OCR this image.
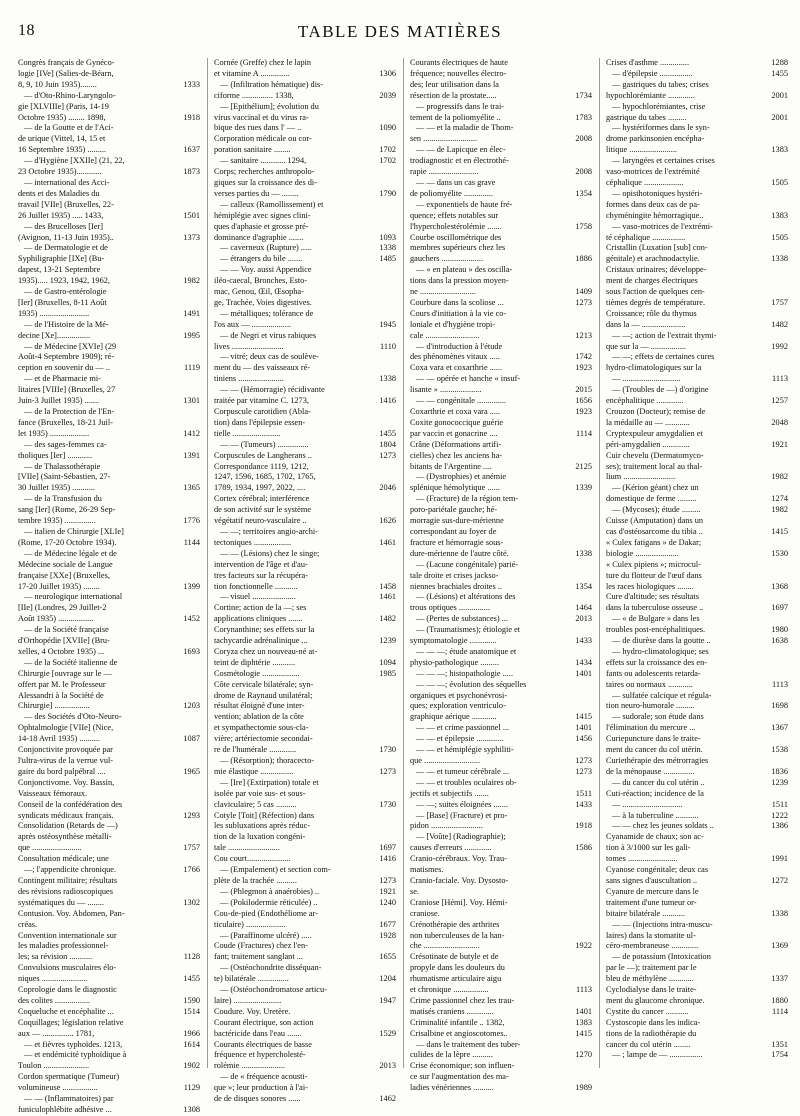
18	TABLE DES MATIÈRES
Congrès français de Gynéco-
logie [IVe] (Salies-de-Béarn,
8, 9, 10 Juin 1935)........	1333
— d'Oto-Rhino-Laryngolo-
gie [XLVIIIe] (Paris, 14-19
Octobre 1935) ........ 1898,	1918
— de la Goutte et de l'Aci-
de urique (Vittel, 14, 15 et
16 Septembre 1935) .........	1637
— d'Hygiène [XXIIe] (21, 22,
23 Octobre 1935)............	1873
— international des Acci-
dents et des Maladies du
travail [VIIe] (Bruxelles, 22-
26 Juillet 1935) ..... 1433,	1501
— des Brucelloses [Ier]
(Avignon, 11-13 Juin 1935)..	1373
— de Dermatologie et de
Syphiligraphie [IXe] (Bu-
dapest, 13-21 Septembre
1935)..... 1923, 1942, 1962,	1982
— de Gastro-entérologie
[Ier] (Bruxelles, 8-11 Août
1935) ........................	1491
— de l'Histoire de la Mé-
decine [Xe]................	1995
— de Médecine [XVIe] (29
Août-4 Septembre 1909); ré-
ception en souvenir du — ..	1119
— et de Pharmacie mi-
litaires [VIIIe] (Bruxelles, 27
Juin-3 Juillet 1935) .......	1301
— de la Protection de l'En-
fance (Bruxelles, 18-21 Juil-
let 1935) ...................	1412
— des sages-femmes ca-
tholiques [Ier] ............	1391
— de Thalassothérapie
[VIIe] (Saint-Sébastien, 27-
30 Juillet 1935) ...........	1365
— de la Transfusion du
sang [Ier] (Rome, 26-29 Sep-
tembre 1935) ...............	1776
— italien de Chirurgie [XLIe]
(Rome, 17-20 Octobre 1934).	1144
— de Médecine légale et de
Médecine sociale de Langue
française [XXe] (Bruxelles,
17-20 Juillet 1935) ........	1399
— neurologique international
[IIe] (Londres, 29 Juillet-2
Août 1935) .................	1452
— de la Société française
d'Orthopédie [XVIIe] (Bru-
xelles, 4 Octobre 1935) ...	1693
— de la Société italienne de
Chirurgie [ouvrage sur le —
offert par M. le Professeur
Alessandri à la Société de
Chirurgie] .................	1203
— des Sociétés d'Oto-Neuro-
Ophtalmologie [VIIe] (Nice,
14-18 Avril 1935) ..........	1087
Conjonctivite provoquée par
l'ultra-virus de la verrue vul-
gaire du bord palpébral ....	1965
Conjonctivome. Voy. Bassin,
Vaisseaux fémoraux.
Conseil de la confédération des
syndicats médicaux français.	1293
Consolidation (Retards de —)
après ostéosynthèse métalli-
que ........................	1757
Consultation médicale; une
—; l'appendicite chronique.	1766
Contingent militaire; résultats
des révisions radioscopiques
systématiques du — ........	1302
Contusion. Voy. Abdomen, Pan-
créas.
Convention internationale sur
les maladies professionnel-
les; sa révision ...........	1128
Convulsions musculaires élo-
niques ......................	1455
Coprologie dans le diagnostic
des colites .................	1590
Coqueluche et encéphalite ...	1514
Coquillages; législation relative
aux — ............... 1781,	1966
— et fièvres typhoïdes. 1213,	1614
— et endémicité typhoïdique à
Toulon ......................	1902
Cordon spermatique (Tumeur)
volumineuse .................	1129
— — (Inflammatoires) par
funiculophlébite adhésive ...	1308
Cornée (Greffe) chez le lapin
et vitamine A ..............	1306
— (Infiltration hématique) dis-
ciforme ............... 1338,	2039
— [Epithélium]; évolution du
virus vaccinal et du virus ra-
bique des rues dans l' — ..	1090
Corporation médicale ou cor-
poration sanitaire ........	1702
— sanitaire ............ 1294,	1702
Corps; recherches anthropolo-
giques sur la croissance des di-
verses parties du — ........	1790
— calleux (Ramollissement) et
hémiplégie avec signes clini-
ques d'aphasie et grosse pré-
dominance d'agraphie .......	1093
— caverneux (Rupture) .....	1338
— étrangers du bile .......	1485
— — Voy. aussi Appendice
iléo-caecal, Bronches, Esto-
mac, Genou, Œil, Œsopha-
ge, Trachée, Voies digestives.
— métalliques; tolérance de
l'os aux — ...................	1945
— de Negri et virus rabiques
lives .........................	1110
— vitré; deux cas de soulève-
ment du — des vaisseaux ré-
tiniens ......................	1338
— — (Hémorragie) récidivante
traitée par vitamine C. 1273,	1416
Corpuscule carotidien (Abla-
tion) dans l'épilepsie essen-
tielle .......................	1455
— — (Tumeurs) ...............	1804
Corpuscules de Langherans ..	1273
Correspondance 1119, 1212,
1247, 1596, 1685, 1702, 1765,
1789, 1934, 1997, 2022, ....	2046
Cortex cérébral; interférence
de son activité sur le système
végétatif neuro-vasculaire ..	1626
— —; territoires angio-archi-
tectoniques ..................	1461
— — (Lésions) chez le singe;
intervention de l'âge et d'au-
tres facteurs sur la récupéra-
tion fonctionnelle ...........	1458
— visuel .....................	1461
Cortine; action de la —; ses
applications cliniques .......	1482
Corynanthine; ses effets sur la
tachycardie adrénalinique ...	1239
Coryza chez un nouveau-né at-
teint de diphtérie ...........	1094
Cosmétologie ..................	1985
Côte cervicale bilatérale; syn-
drome de Raynaud unilatéral;
résultat éloigné d'une inter-
vention; ablation de la côte
et sympathectomie sous-cla-
vière; artériectomie secondai-
re de l'humérale .............	1730
— (Résorption); thoracecto-
mie élastique ................	1273
— [Ire] (Extirpation) totale et
isolée par voie sus- et sous-
claviculaire; 5 cas ..........	1730
Cotyle [Toit] (Réfection) dans
les subluxations après réduc-
tion de la luxation congéni-
tale .........................	1697
Cou court.....................	1416
— (Empalement) et section com-
plète de la trachée ..........	1273
— (Phlegmon à anaérobies) ..	1921
— (Pokilodermie réticulée) ..	1240
Cou-de-pied (Endothéliome ar-
ticulaire) ...................	1677
— (Paraffinome ulcéré) .....	1928
Coude (Fractures) chez l'en-
fant; traitement sanglant ...	1655
— (Ostéochondrite disséquan-
te) bilatérale ...............	1204
— (Ostéochondromatose articu-
laire) .......................	1947
Coudure. Voy. Uretère.
Courant électrique, son action
bactéricide dans l'eau .......	1529
Courants électriques de basse
fréquence et hypercholesté-
rolémie .....................	2013
— de « fréquence acousti-
que »; leur production à l'ai-
de de disques sonores ......	1462
Courants électriques de haute
fréquence; nouvelles électro-
des; leur utilisation dans la
résection de la prostate.....	1734
— progressifs dans le trai-
tement de la poliomyélite ..	1783
— — et la maladie de Thom-
sen ..........................	2008
— — de Lapicque en élec-
trodiagnostic et en électrothé-
rapie ........................	2008
— — dans un cas grave
de poliomyélite ..............	1354
— exponentiels de haute fré-
quence; effets notables sur
l'hypercholestérolémie .......	1758
Courbe oscillométrique des
membres supérieurs chez les
gauchers ....................	1886
— « en plateau » des oscilla-
tions dans la pression moyen-
ne ...........................	1409
Courbure dans la scoliose ...	1273
Cours d'initiation à la vie co-
loniale et d'hygiène tropi-
cale ..........................	1213
— d'introduction à l'étude
des phénomènes vitaux .....	1742
Coxa vara et coxarthrie ......	1923
— — opérée et hanche « insuf-
lisante » ....................	2015
— — congénitale ..............	1656
Coxarthrie et coxa vara .....	1923
Coxite gonococcique guérie
par vaccin et gonacrine ....	1114
Crâne (Déformations artifi-
cielles) chez les anciens ha-
bitants de l'Argentine ....	2125
— (Dystrophies) et anémie
splénique hémolytique ......	1339
— (Fracture) de la région tem-
poro-pariétale gauche; hé-
morragie sus-dure-mérienne
correspondant au foyer de
fracture et hémorragie sous-
dure-mérienne de l'autre côté.	1338
— (Lacune congénitale) parié-
tale droite et crises jackso-
niennes brachiales droites ..	1354
— (Lésions) et altérations des
trous optiques ...............	1464
— (Pertes de substances) ...	2013
— (Traumatismes); étiologie et
symptomatologie .............	1433
— — —; étude anatomique et
physio-pathologique .........	1434
— — —; histopathologie .....	1401
— — —; évolution des séquelles
organiques et psychonévrosi-
ques; exploration ventriculo-
graphique aérique ............	1415
— — et crime passionnel ...	1401
— — et épilepsie .............	1456
— — et hémiplégie syphiliti-
que ...........................	1273
— — et tumeur cérébrale ...	1273
— — et troubles oculaires ob-
jectifs et subjectifs .......	1511
— —; suites éloignées .......	1433
— [Base] (Fracture) et pro-
pidon .........................	1918
— [Voûte] (Radiographie);
causes d'erreurs .............	1586
Cranio-cérébraux. Voy. Trau-
matismes.
Cranio-faciale. Voy. Dysosto-
se.
Craniose [Hémi]. Voy. Hémi-
craniose.
Crénothérapie des arthrites
non tuberculeuses de la han-
che ...........................	1922
Crésotinate de butyle et de
propyle dans les douleurs du
rhumatisme articulaire aigu
et chronique .................	1113
Crime passionnel chez les trau-
matisés craniens .............	1401
Criminalité infantile .. 1382,	1383
Crisalbine et angioscotomes..	1415
— dans le traitement des tuber-
culides de la lèpre ..........	1270
Crise économique; son influen-
ce sur l'augmentation des ma-
ladies vénériennes ..........	1989
Crises d'asthme ..............	1288
— d'épilepsie ................	1455
— gastriques du tabes; crises
hypochlorémiante .............	2001
— hypochlorémiantes, crise
gastrique du tabes .........	2001
— hystériformes dans le syn-
drome parkinsonien encépha-
litique .......................	1383
— laryngées et certaines crises
vaso-motrices de l'extrémité
céphalique ...................	1505
— opisthotoniques hystéri-
formes dans deux cas de pa-
chyméningite hémorragique..	1383
— vaso-motrices de l'extrémi-
té céphalique ................	1505
Cristallin (Luxation [sub] con-
génitale) et arachnodactylie.	1338
Cristaux urinaires; développe-
ment de charges électriques
sous l'action de quelques cen-
tièmes degrés de température.	1757
Croissance; rôle du thymus
dans la — .....................	1482
— —; action de l'extrait thymi-
que sur la — .................	1992
— —; effets de certaines cures
hydro-climatologiques sur la
— ............................	1113
— (Troubles de —) d'origine
encéphalitique .............	1257
Crouzon (Docteur); remise de
la médaille au — ............	2048
Cryptexpuleur amygdalien et
péri-amygdalien .............	1921
Cuir chevelu (Dermatomyco-
ses); traitement local au thal-
lium .........................	1982
— (Kérion géant) chez un
domestique de ferme .........	1274
— (Mycoses); étude .........	1982
Cuisse (Amputation) dans un
cas d'ostéosarcome du tibia ..	1415
« Culex fatigans » de Dakar;
biologie .....................	1530
« Culex pipiens »; microcul-
ture du flotteur de l'œuf dans
les races biologiques ........	1368
Cure d'altitude; ses résultats
dans la tuberculose osseuse ..	1697
— « de Bulgare » dans les
troubles post-encéphalitiques.	1980
— de diurèse dans la goutte ..	1638
— hydro-climatologique; ses
effets sur la croissance des en-
fants ou adolescents retarda-
taires ou normaux ............	1113
— sulfatée calcique et régula-
tion neuro-humorale .........	1698
— sudorale; son étude dans
l'élimination du mercure ...	1367
Curiepuncture dans le traite-
ment du cancer du col utérin.	1538
Curiethérapie des métrorragies
de la ménopause ...............	1836
— du cancer du col utérin ..	1239
Cuti-réaction; incidence de la
— .............................	1511
— à la tuberculine ...........	1222
— — chez les jeunes soldats ..	1386
Cyanamide de chaux; son ac-
tion à 3/1000 sur les gali-
tomes ........................	1991
Cyanose congénitale; deux cas
sans signes d'auscultation ..	1272
Cyanure de mercure dans le
traitement d'une tumeur or-
bitaire bilatérale ...........	1338
— — (Injections intra-muscu-
laires) dans la stomatite ul-
céro-membraneuse .............	1369
— de potassium (Intoxication
par le —); traitement par le
bleu de méthylène ............	1337
Cyclodialyse dans le traite-
ment du glaucome chronique.	1880
Cystite du cancer ...........	1114
Cystoscopie dans les indica-
tions de la radiothérapie du
cancer du col utérin ........	1351
— ; lampe de — ................	1754
